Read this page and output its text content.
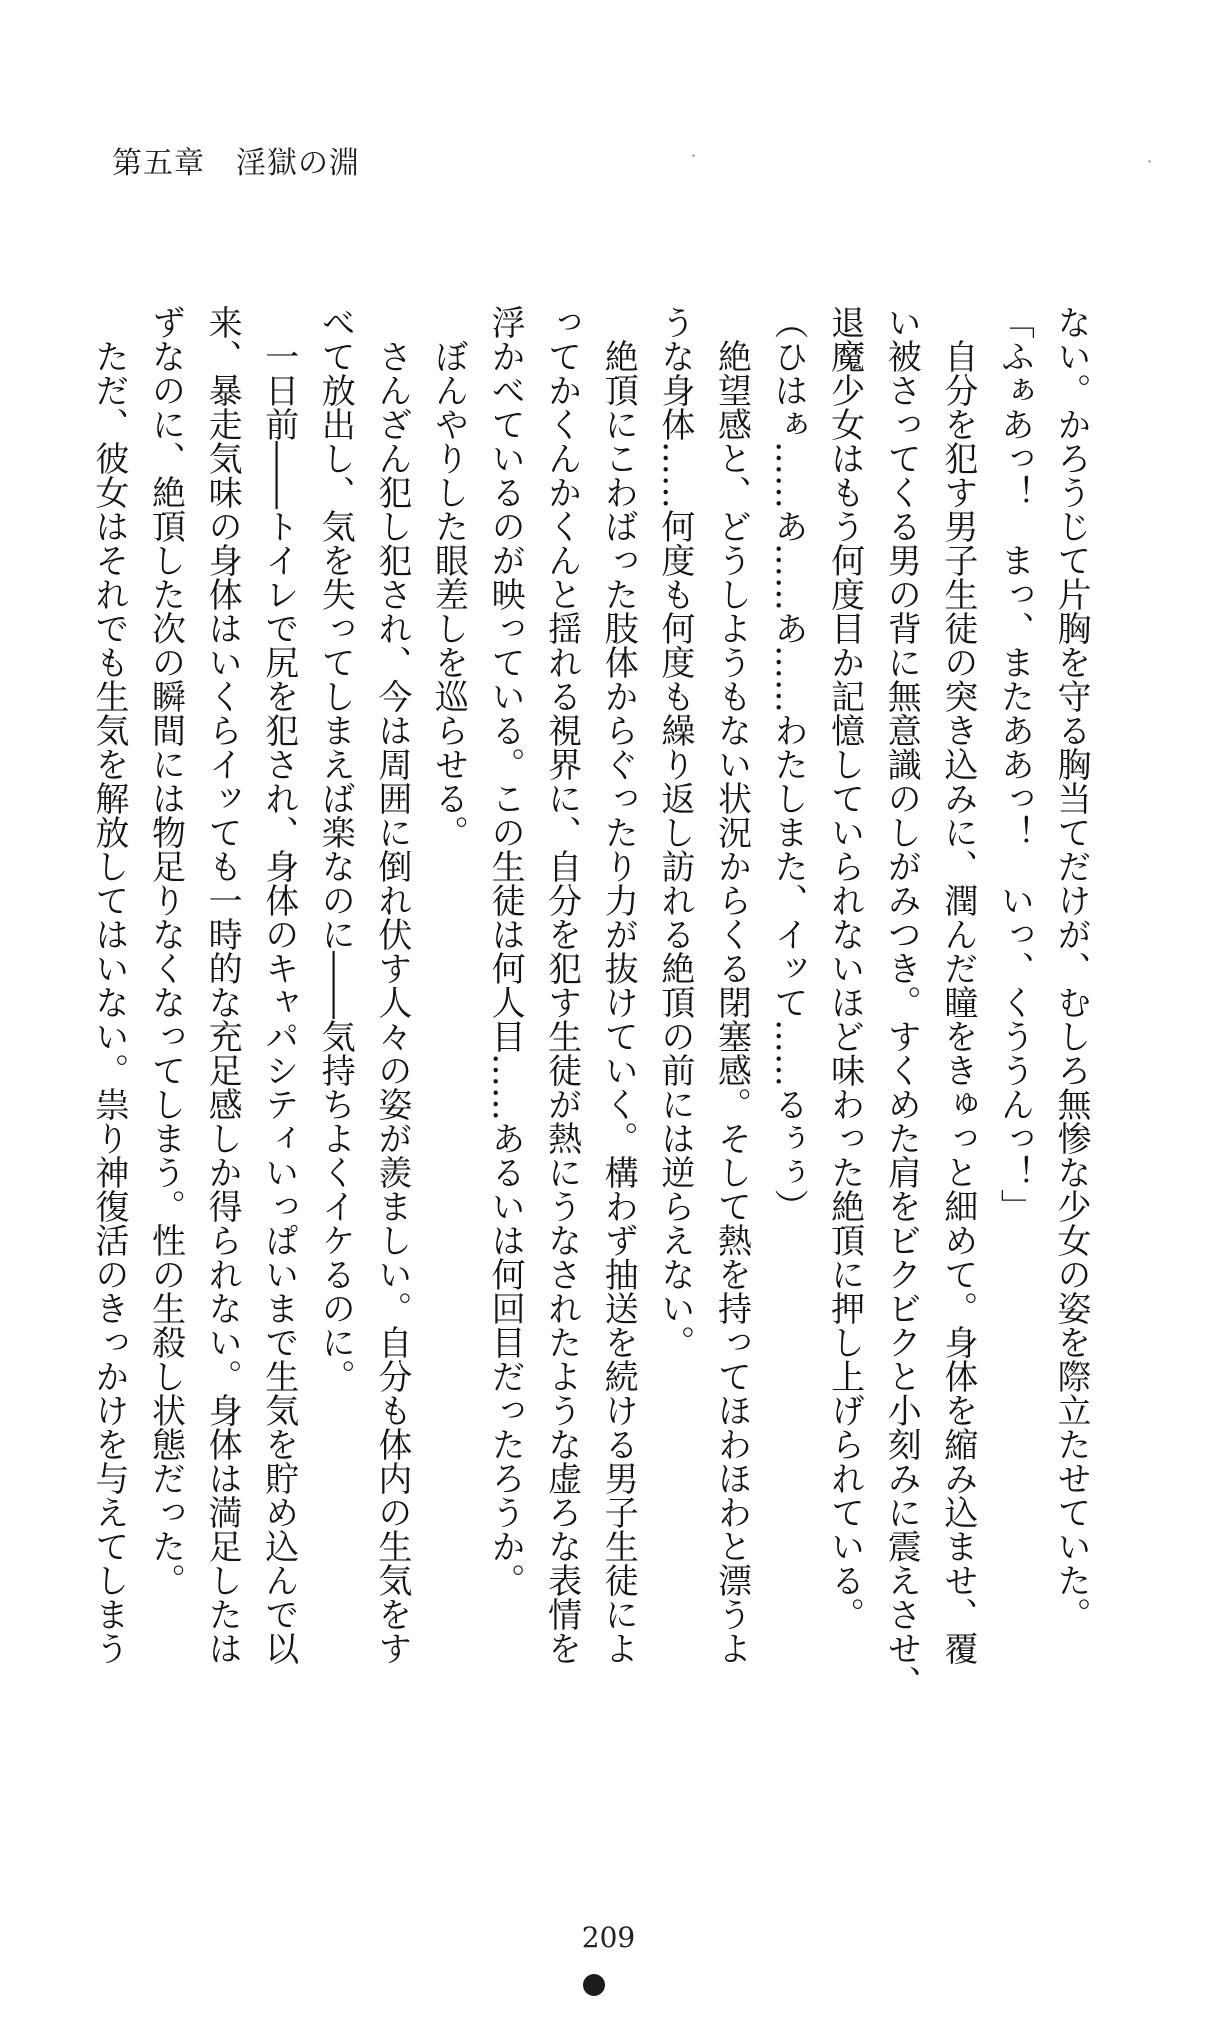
第五章　淫獄の淵

ない。かろうじて片胸を守る胸当てだけが、むしろ無惨な少女の姿を際立たせていた。

「ふぁあっ！　まっ、またああっ！　いっ、くううんっ！」

　自分を犯す男子生徒の突き込みに、潤んだ瞳をきゅっと細めて。身体を縮み込ませ、覆

い被さってくる男の背に無意識のしがみつき。すくめた肩をビクビクと小刻みに震えさせ、

退魔少女はもう何度目か記憶していられないほど味わった絶頂に押し上げられている。

（ひはぁ……あ……あ……わたしまた、イッて……るぅぅ）

　絶望感と、どうしようもない状況からくる閉塞感。そして熱を持ってほわほわと漂うよ

うな身体……何度も何度も繰り返し訪れる絶頂の前には逆らえない。

　絶頂にこわばった肢体からぐったり力が抜けていく。構わず抽送を続ける男子生徒によ

ってかくんかくんと揺れる視界に、自分を犯す生徒が熱にうなされたような虚ろな表情を

浮かべているのが映っている。この生徒は何人目……あるいは何回目だったろうか。

　ぼんやりした眼差しを巡らせる。

　さんざん犯し犯され、今は周囲に倒れ伏す人々の姿が羨ましい。自分も体内の生気をす

べて放出し、気を失ってしまえば楽なのに――気持ちよくイケるのに。

　一日前――トイレで尻を犯され、身体のキャパシティいっぱいまで生気を貯め込んで以

来、暴走気味の身体はいくらイッても一時的な充足感しか得られない。身体は満足したは

ずなのに、絶頂した次の瞬間には物足りなくなってしまう。性の生殺し状態だった。

　ただ、彼女はそれでも生気を解放してはいない。祟り神復活のきっかけを与えてしまう

209
